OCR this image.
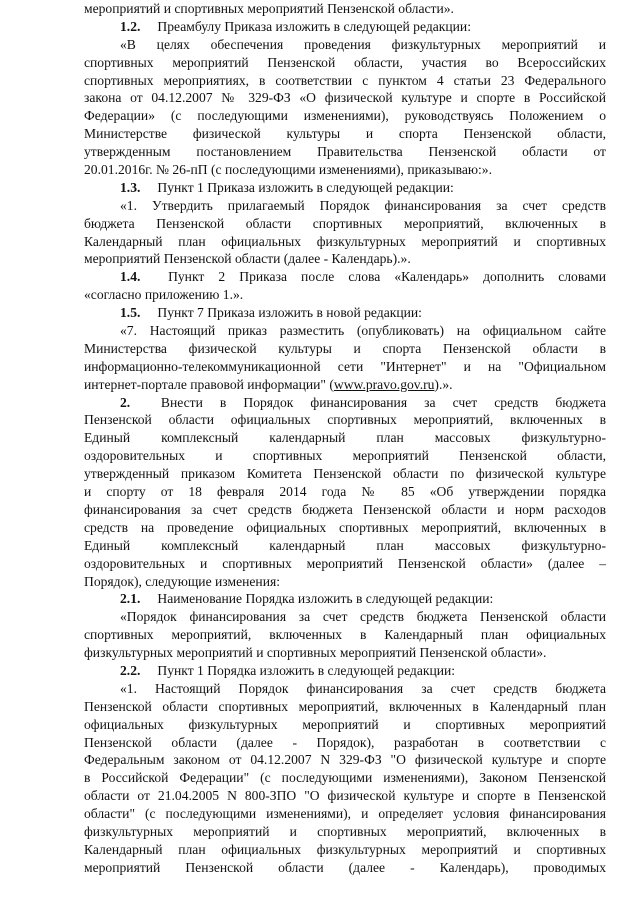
мероприятий и спортивных мероприятий Пензенской области».
1.2.  Преамбулу Приказа изложить в следующей редакции:
«В целях обеспечения проведения физкультурных мероприятий и
спортивных мероприятий Пензенской области, участия во Всероссийских
спортивных мероприятиях, в соответствии с пунктом 4 статьи 23 Федерального
закона от 04.12.2007 № 329-ФЗ «О физической культуре и спорте в Российской
Федерации» (с последующими изменениями), руководствуясь Положением о
Министерстве физической культуры и спорта Пензенской области,
утвержденным постановлением Правительства Пензенской области от
20.01.2016г. № 26-пП (с последующими изменениями), приказываю:».
1.3.  Пункт 1 Приказа изложить в следующей редакции:
«1. Утвердить прилагаемый Порядок финансирования за счет средств
бюджета Пензенской области спортивных мероприятий, включенных в
Календарный план официальных физкультурных мероприятий и спортивных
мероприятий Пензенской области (далее - Календарь).».
1.4.  Пункт 2 Приказа после слова «Календарь» дополнить словами
«согласно приложению 1.».
1.5.  Пункт 7 Приказа изложить в новой редакции:
«7. Настоящий приказ разместить (опубликовать) на официальном сайте
Министерства физической культуры и спорта Пензенской области в
информационно-телекоммуникационной сети "Интернет" и на "Официальном
интернет-портале правовой информации" (www.pravo.gov.ru).».
2.  Внести в Порядок финансирования за счет средств бюджета
Пензенской области официальных спортивных мероприятий, включенных в
Единый комплексный календарный план массовых физкультурно-
оздоровительных и спортивных мероприятий Пензенской области,
утвержденный приказом Комитета Пензенской области по физической культуре
и спорту от 18 февраля 2014 года № 85 «Об утверждении порядка
финансирования за счет средств бюджета Пензенской области и норм расходов
средств на проведение официальных спортивных мероприятий, включенных в
Единый комплексный календарный план массовых физкультурно-
оздоровительных и спортивных мероприятий Пензенской области» (далее –
Порядок), следующие изменения:
2.1.  Наименование Порядка изложить в следующей редакции:
«Порядок финансирования за счет средств бюджета Пензенской области
спортивных мероприятий, включенных в Календарный план официальных
физкультурных мероприятий и спортивных мероприятий Пензенской области».
2.2.  Пункт 1 Порядка изложить в следующей редакции:
«1. Настоящий Порядок финансирования за счет средств бюджета
Пензенской области спортивных мероприятий, включенных в Календарный план
официальных физкультурных мероприятий и спортивных мероприятий
Пензенской области (далее - Порядок), разработан в соответствии с
Федеральным законом от 04.12.2007 N 329-ФЗ "О физической культуре и спорте
в Российской Федерации" (с последующими изменениями), Законом Пензенской
области от 21.04.2005 N 800-ЗПО "О физической культуре и спорте в Пензенской
области" (с последующими изменениями), и определяет условия финансирования
физкультурных мероприятий и спортивных мероприятий, включенных в
Календарный план официальных физкультурных мероприятий и спортивных
мероприятий Пензенской области (далее - Календарь), проводимых
